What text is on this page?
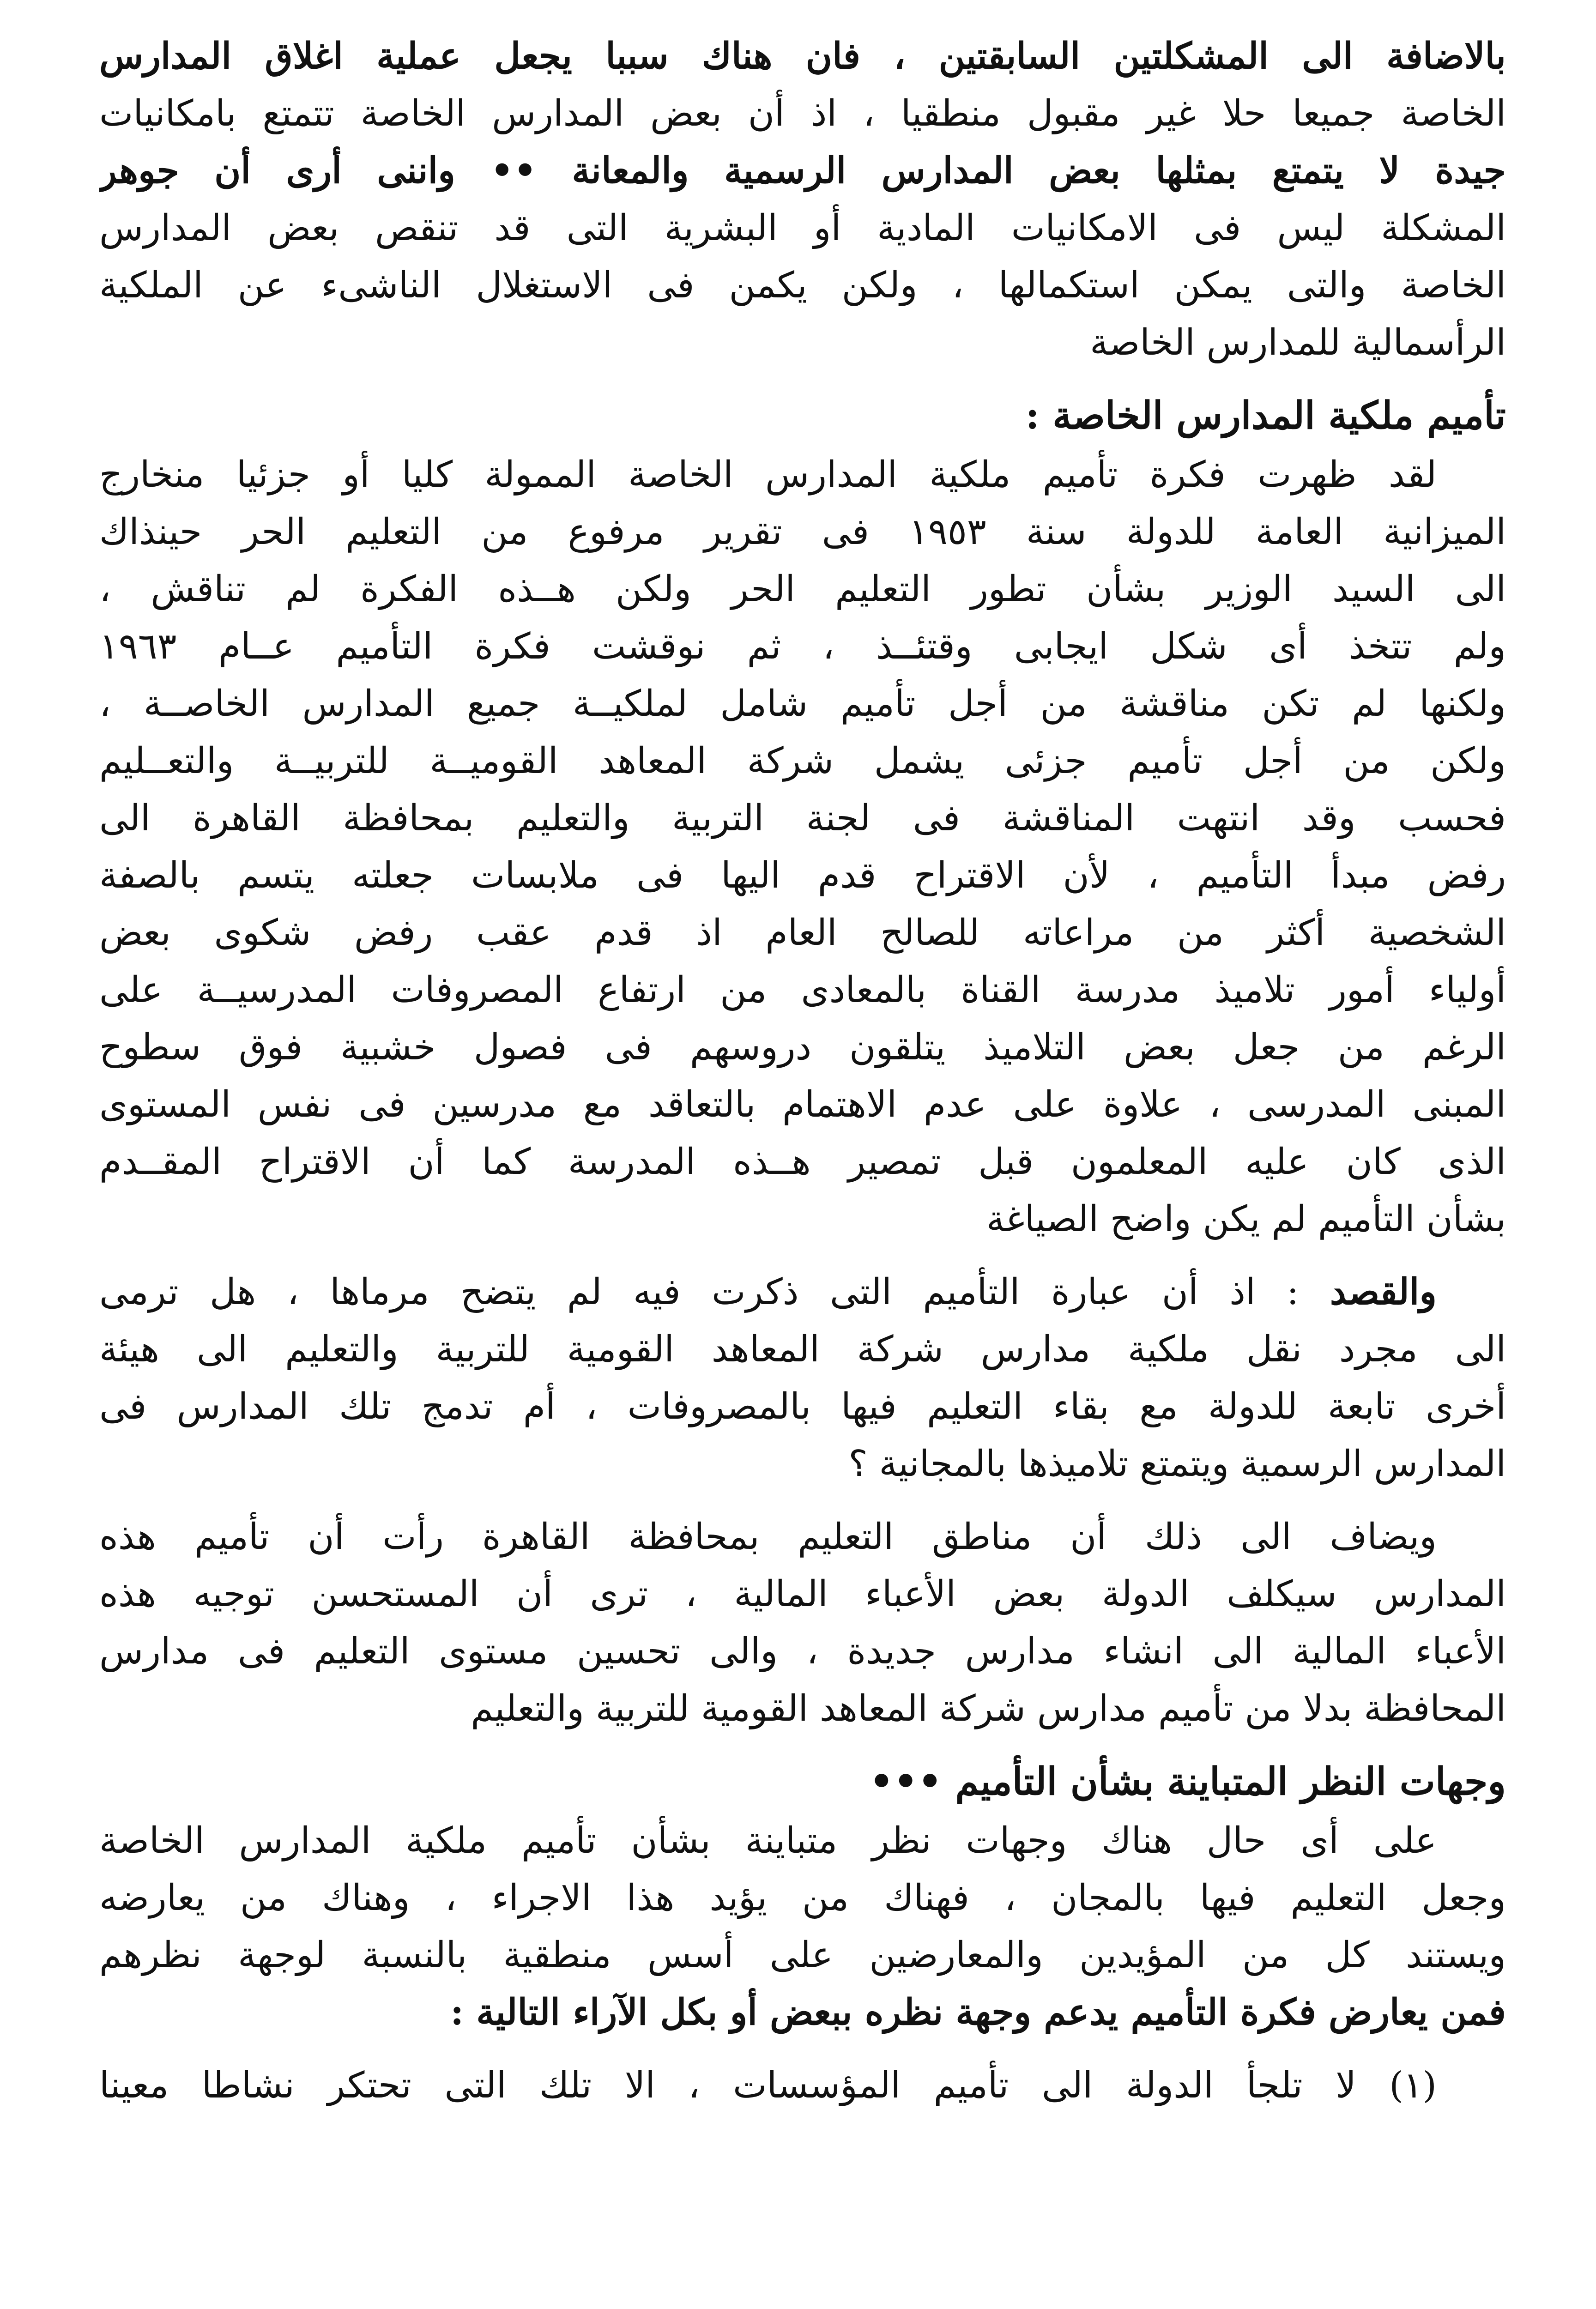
بالاضافة الى المشكلتين السابقتين ، فان هناك سببا يجعل عملية اغلاق المدارس
الخاصة جميعا حلا غير مقبول منطقيا ، اذ أن بعض المدارس الخاصة تتمتع بامكانيات
جيدة لا يتمتع بمثلها بعض المدارس الرسمية والمعانة •• واننى أرى أن جوهر
المشكلة ليس فى الامكانيات المادية أو البشرية التى قد تنقص بعض المدارس
الخاصة والتى يمكن استكمالها ، ولكن يكمن فى الاستغلال الناشىء عن الملكية
الرأسمالية للمدارس الخاصة
تأميم ملكية المدارس الخاصة :
لقد ظهرت فكرة تأميم ملكية المدارس الخاصة الممولة كليا أو جزئيا منخارج
الميزانية العامة للدولة سنة ١٩٥٣ فى تقرير مرفوع من التعليم الحر حينذاك
الى السيد الوزير بشأن تطور التعليم الحر ولكن هــذه الفكرة لم تناقش ،
ولم تتخذ أى شكل ايجابى وقتئــذ ، ثم نوقشت فكرة التأميم عــام ١٩٦٣
ولكنها لم تكن مناقشة من أجل تأميم شامل لملكيــة جميع المدارس الخاصــة ،
ولكن من أجل تأميم جزئى يشمل شركة المعاهد القوميــة للتربيــة والتعــليم
فحسب وقد انتهت المناقشة فى لجنة التربية والتعليم بمحافظة القاهرة الى
رفض مبدأ التأميم ، لأن الاقتراح قدم اليها فى ملابسات جعلته يتسم بالصفة
الشخصية أكثر من مراعاته للصالح العام اذ قدم عقب رفض شكوى بعض
أولياء أمور تلاميذ مدرسة القناة بالمعادى من ارتفاع المصروفات المدرسيــة على
الرغم من جعل بعض التلاميذ يتلقون دروسهم فى فصول خشبية فوق سطوح
المبنى المدرسى ، علاوة على عدم الاهتمام بالتعاقد مع مدرسين فى نفس المستوى
الذى كان عليه المعلمون قبل تمصير هــذه المدرسة كما أن الاقتراح المقــدم
بشأن التأميم لم يكن واضح الصياغة
والقصد : اذ أن عبارة التأميم التى ذكرت فيه لم يتضح مرماها ، هل ترمى
الى مجرد نقل ملكية مدارس شركة المعاهد القومية للتربية والتعليم الى هيئة
أخرى تابعة للدولة مع بقاء التعليم فيها بالمصروفات ، أم تدمج تلك المدارس فى
المدارس الرسمية ويتمتع تلاميذها بالمجانية ؟
ويضاف الى ذلك أن مناطق التعليم بمحافظة القاهرة رأت أن تأميم هذه
المدارس سيكلف الدولة بعض الأعباء المالية ، ترى أن المستحسن توجيه هذه
الأعباء المالية الى انشاء مدارس جديدة ، والى تحسين مستوى التعليم فى مدارس
المحافظة بدلا من تأميم مدارس شركة المعاهد القومية للتربية والتعليم
وجهات النظر المتباينة بشأن التأميم •••
على أى حال هناك وجهات نظر متباينة بشأن تأميم ملكية المدارس الخاصة
وجعل التعليم فيها بالمجان ، فهناك من يؤيد هذا الاجراء ، وهناك من يعارضه
ويستند كل من المؤيدين والمعارضين على أسس منطقية بالنسبة لوجهة نظرهم
فمن يعارض فكرة التأميم يدعم وجهة نظره ببعض أو بكل الآراء التالية :
(١) لا تلجأ الدولة الى تأميم المؤسسات ، الا تلك التى تحتكر نشاطا معينا
